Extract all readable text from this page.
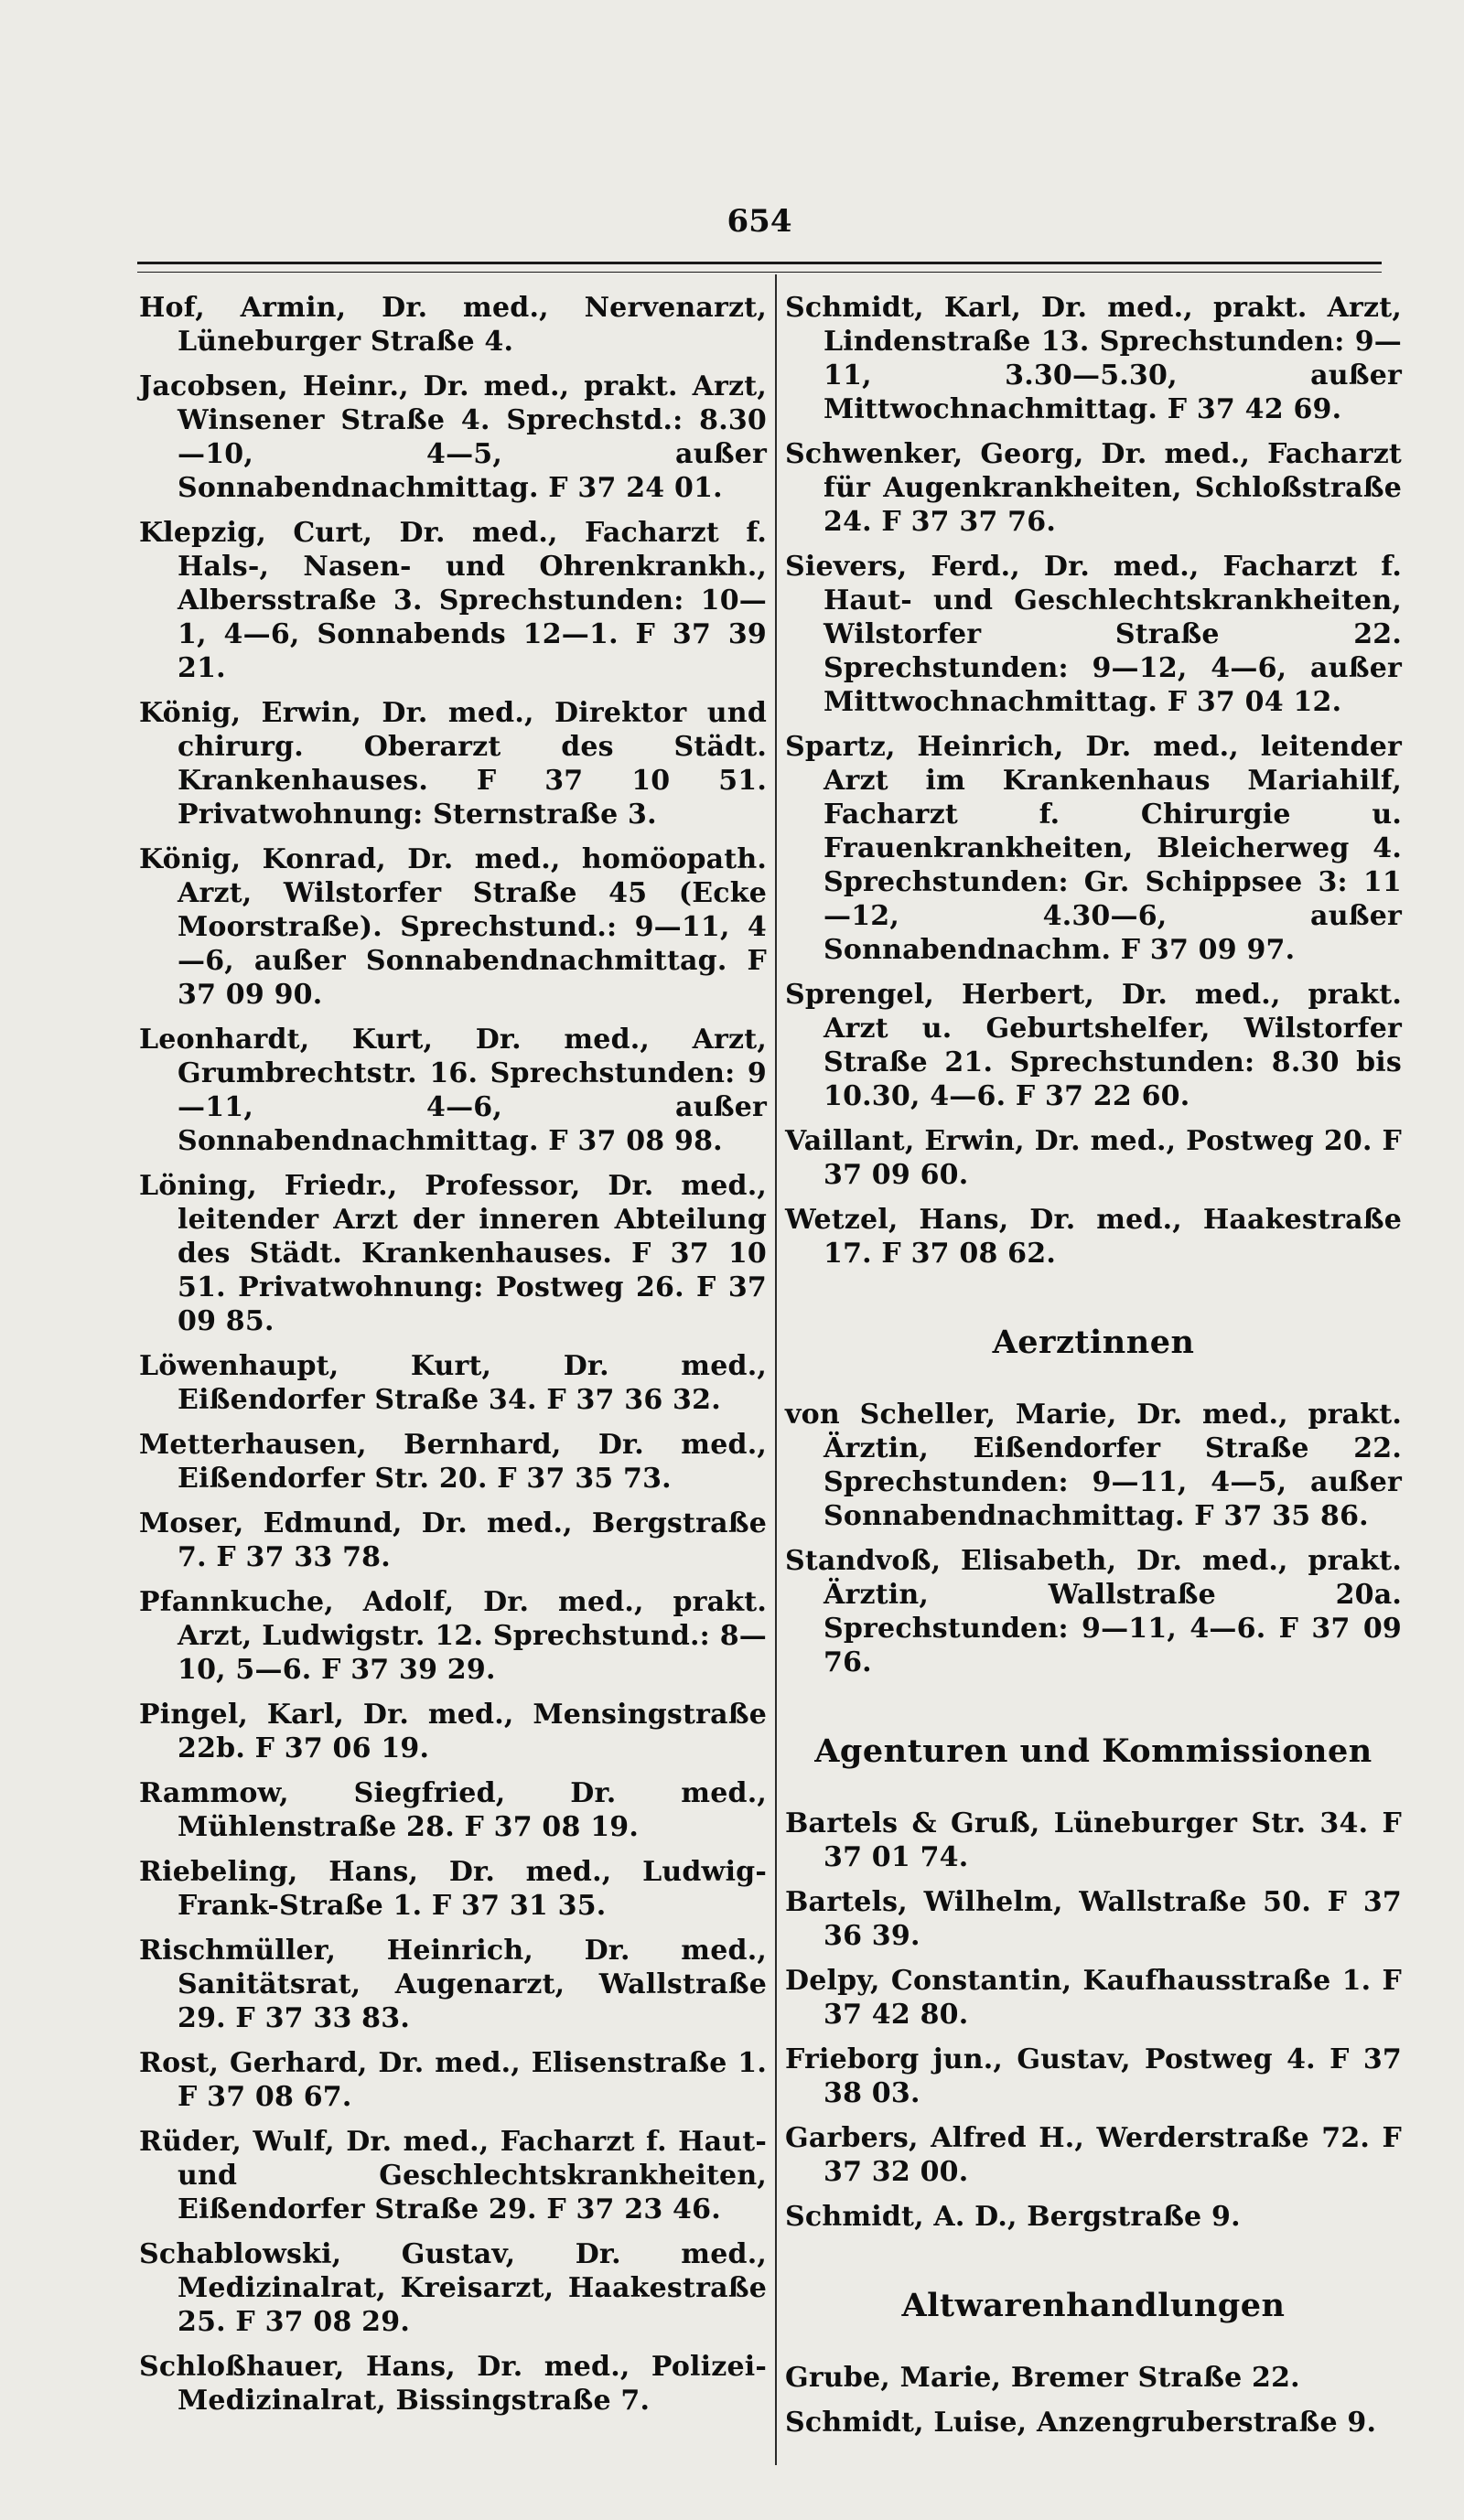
654
Hof, Armin, Dr. med., Nervenarzt, Lüneburger Straße 4.
Jacobsen, Heinr., Dr. med., prakt. Arzt, Winsener Straße 4. Sprechstd.: 8.30—10, 4—5, außer Sonnabendnachmittag. F 37 24 01.
Klepzig, Curt, Dr. med., Facharzt f. Hals-, Nasen- und Ohrenkrankh., Albersstraße 3. Sprechstunden: 10—1, 4—6, Sonnabends 12—1. F 37 39 21.
König, Erwin, Dr. med., Direktor und chirurg. Oberarzt des Städt. Krankenhauses. F 37 10 51. Privatwohnung: Sternstraße 3.
König, Konrad, Dr. med., homöopath. Arzt, Wilstorfer Straße 45 (Ecke Moorstraße). Sprechstund.: 9—11, 4—6, außer Sonnabendnachmittag. F 37 09 90.
Leonhardt, Kurt, Dr. med., Arzt, Grumbrechtstr. 16. Sprechstunden: 9—11, 4—6, außer Sonnabendnachmittag. F 37 08 98.
Löning, Friedr., Professor, Dr. med., leitender Arzt der inneren Abteilung des Städt. Krankenhauses. F 37 10 51. Privatwohnung: Postweg 26. F 37 09 85.
Löwenhaupt, Kurt, Dr. med., Eißendorfer Straße 34. F 37 36 32.
Metterhausen, Bernhard, Dr. med., Eißendorfer Str. 20. F 37 35 73.
Moser, Edmund, Dr. med., Bergstraße 7. F 37 33 78.
Pfannkuche, Adolf, Dr. med., prakt. Arzt, Ludwigstr. 12. Sprechstund.: 8—10, 5—6. F 37 39 29.
Pingel, Karl, Dr. med., Mensingstraße 22b. F 37 06 19.
Rammow, Siegfried, Dr. med., Mühlenstraße 28. F 37 08 19.
Riebeling, Hans, Dr. med., Ludwig-Frank-Straße 1. F 37 31 35.
Rischmüller, Heinrich, Dr. med., Sanitätsrat, Augenarzt, Wallstraße 29. F 37 33 83.
Rost, Gerhard, Dr. med., Elisenstraße 1. F 37 08 67.
Rüder, Wulf, Dr. med., Facharzt f. Haut- und Geschlechtskrankheiten, Eißendorfer Straße 29. F 37 23 46.
Schablowski, Gustav, Dr. med., Medizinalrat, Kreisarzt, Haakestraße 25. F 37 08 29.
Schloßhauer, Hans, Dr. med., Polizei-Medizinalrat, Bissingstraße 7.
Schmidt, Karl, Dr. med., prakt. Arzt, Lindenstraße 13. Sprechstunden: 9—11, 3.30—5.30, außer Mittwochnachmittag. F 37 42 69.
Schwenker, Georg, Dr. med., Facharzt für Augenkrankheiten, Schloßstraße 24. F 37 37 76.
Sievers, Ferd., Dr. med., Facharzt f. Haut- und Geschlechtskrankheiten, Wilstorfer Straße 22. Sprechstunden: 9—12, 4—6, außer Mittwochnachmittag. F 37 04 12.
Spartz, Heinrich, Dr. med., leitender Arzt im Krankenhaus Mariahilf, Facharzt f. Chirurgie u. Frauenkrankheiten, Bleicherweg 4. Sprechstunden: Gr. Schippsee 3: 11—12, 4.30—6, außer Sonnabendnachm. F 37 09 97.
Sprengel, Herbert, Dr. med., prakt. Arzt u. Geburtshelfer, Wilstorfer Straße 21. Sprechstunden: 8.30 bis 10.30, 4—6. F 37 22 60.
Vaillant, Erwin, Dr. med., Postweg 20. F 37 09 60.
Wetzel, Hans, Dr. med., Haakestraße 17. F 37 08 62.
Aerztinnen
von Scheller, Marie, Dr. med., prakt. Ärztin, Eißendorfer Straße 22. Sprechstunden: 9—11, 4—5, außer Sonnabendnachmittag. F 37 35 86.
Standvoß, Elisabeth, Dr. med., prakt. Ärztin, Wallstraße 20a. Sprechstunden: 9—11, 4—6. F 37 09 76.
Agenturen und Kommissionen
Bartels & Gruß, Lüneburger Str. 34. F 37 01 74.
Bartels, Wilhelm, Wallstraße 50. F 37 36 39.
Delpy, Constantin, Kaufhausstraße 1. F 37 42 80.
Frieborg jun., Gustav, Postweg 4. F 37 38 03.
Garbers, Alfred H., Werderstraße 72. F 37 32 00.
Schmidt, A. D., Bergstraße 9.
Altwarenhandlungen
Grube, Marie, Bremer Straße 22.
Schmidt, Luise, Anzengruberstraße 9.
